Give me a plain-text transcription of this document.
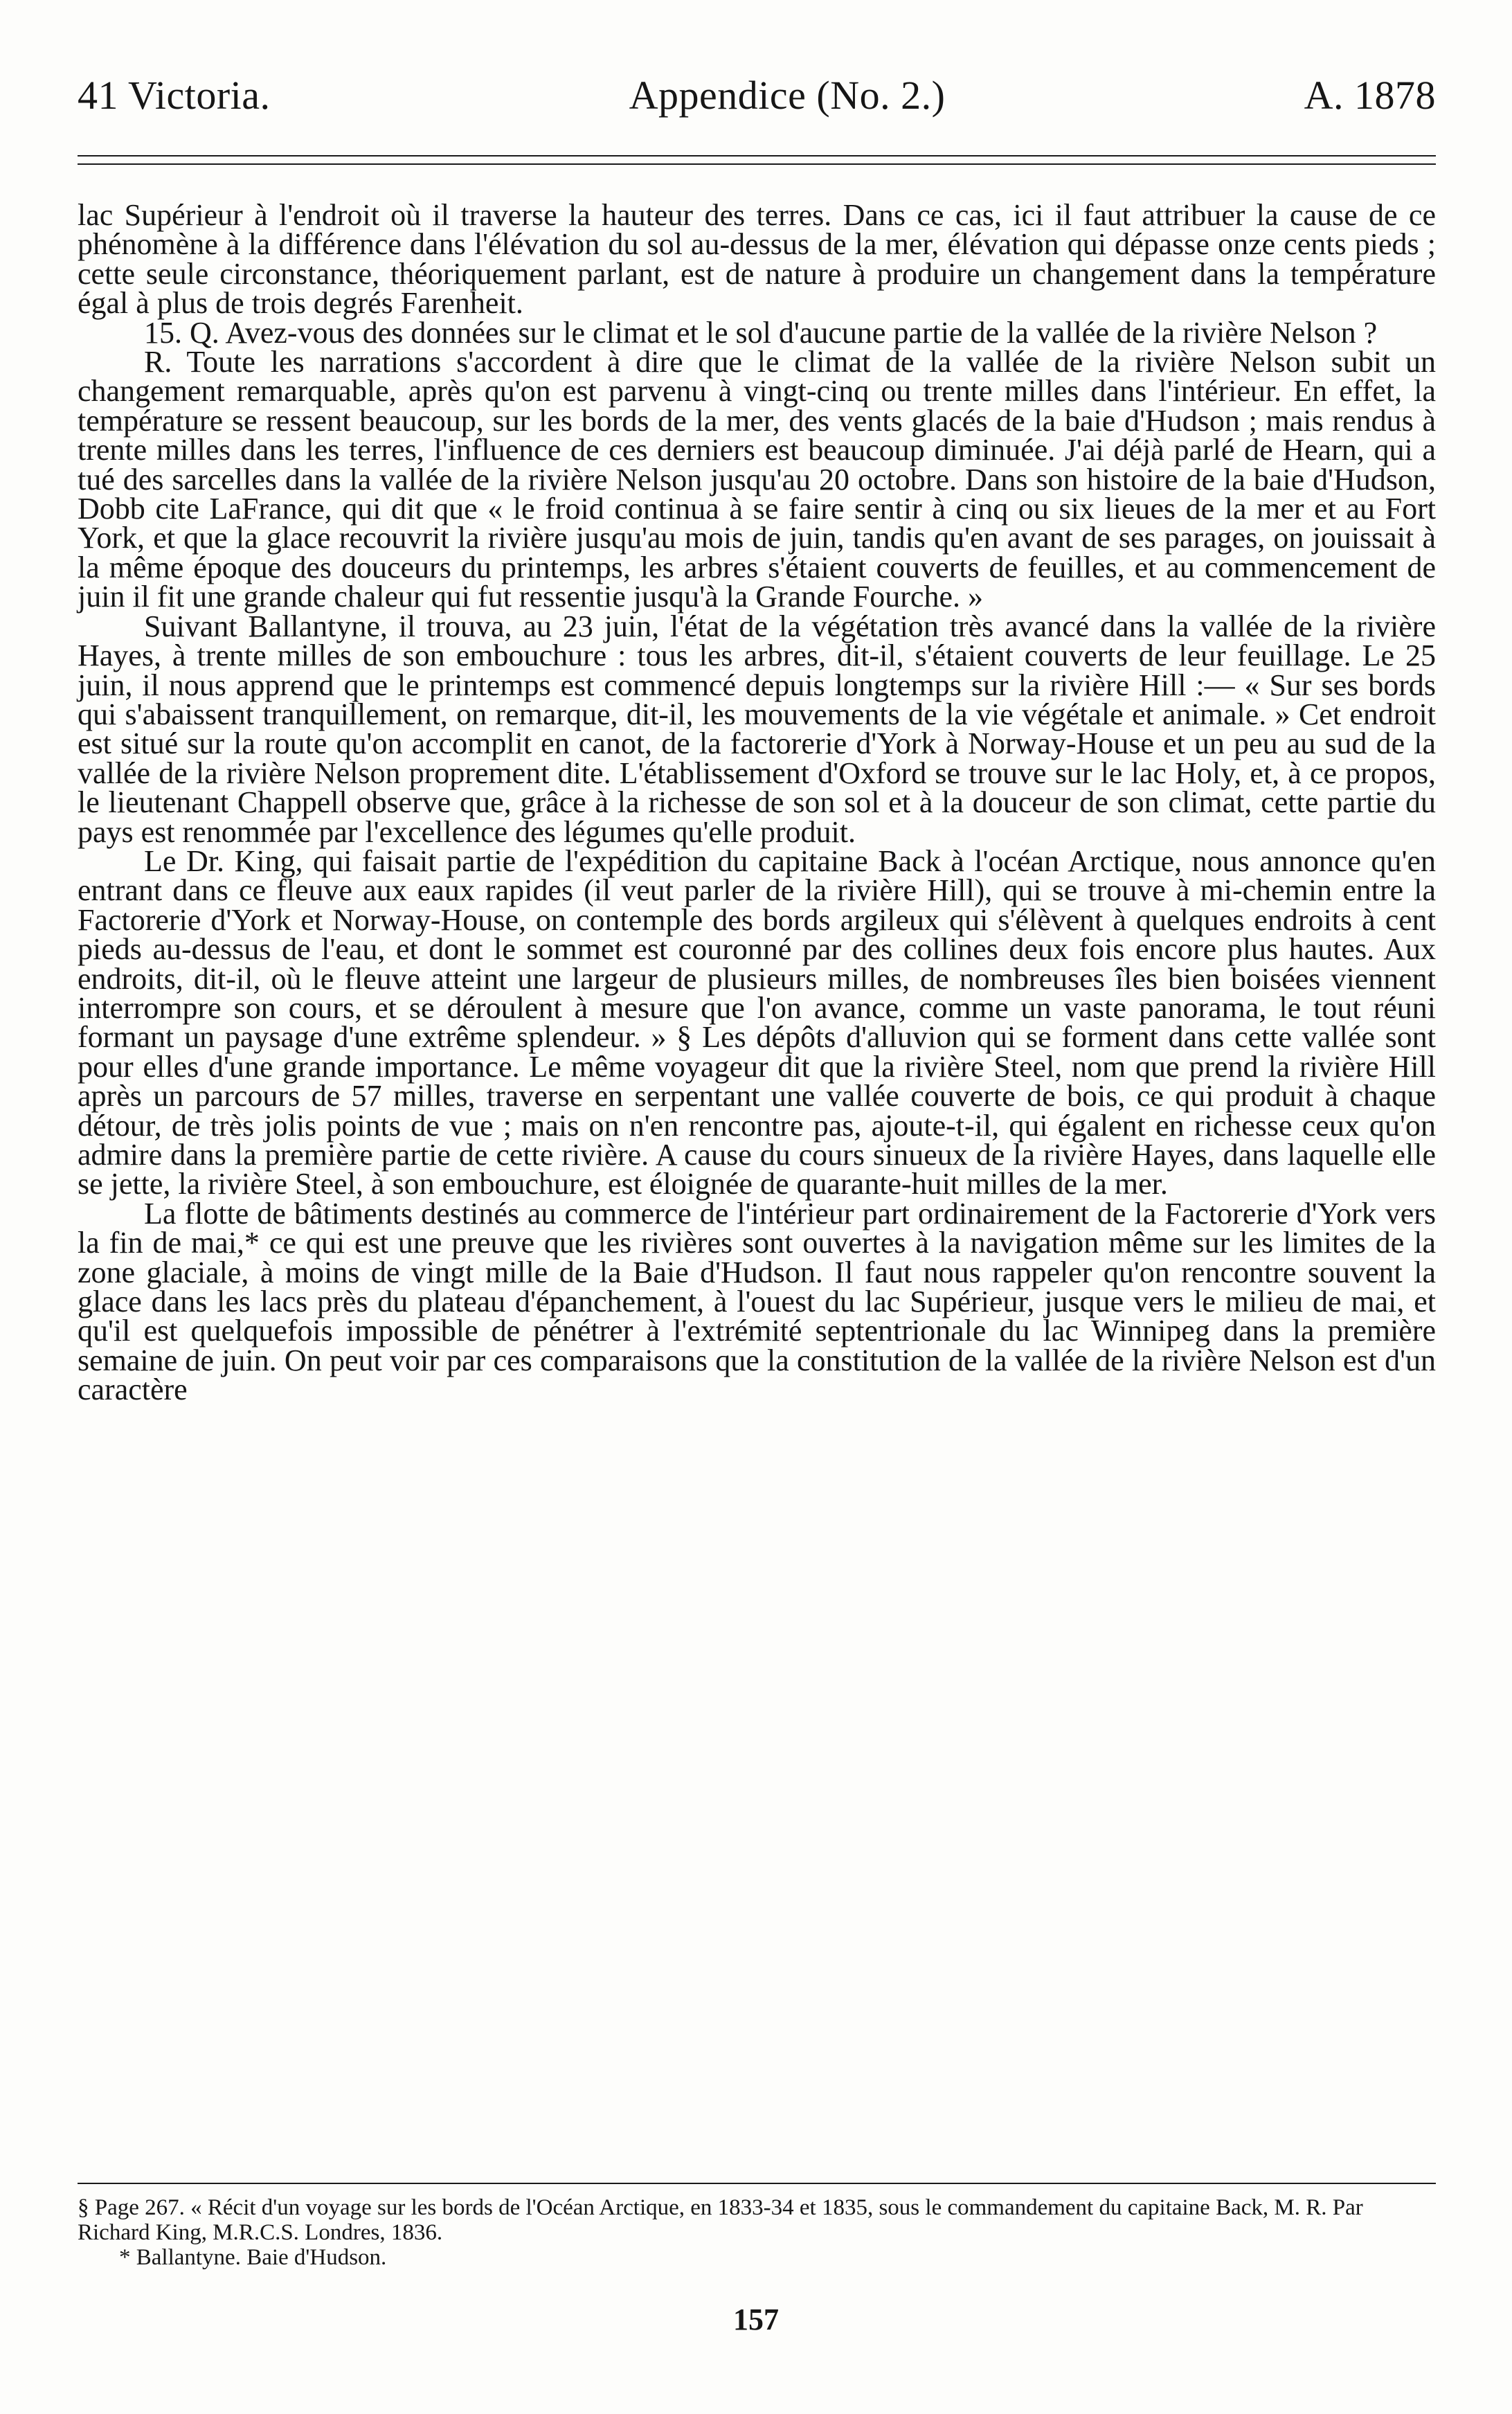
41 Victoria.	Appendice (No. 2.)	A. 1878

lac Supérieur à l'endroit où il traverse la hauteur des terres. Dans ce cas, ici il faut attribuer la cause de ce phénomène à la différence dans l'élévation du sol au-dessus de la mer, élévation qui dépasse onze cents pieds ; cette seule circonstance, théoriquement parlant, est de nature à produire un changement dans la température égal à plus de trois degrés Farenheit.

15. Q. Avez-vous des données sur le climat et le sol d'aucune partie de la vallée de la rivière Nelson ?

R. Toute les narrations s'accordent à dire que le climat de la vallée de la rivière Nelson subit un changement remarquable, après qu'on est parvenu à vingt-cinq ou trente milles dans l'intérieur. En effet, la température se ressent beaucoup, sur les bords de la mer, des vents glacés de la baie d'Hudson ; mais rendus à trente milles dans les terres, l'influence de ces derniers est beaucoup diminuée. J'ai déjà parlé de Hearn, qui a tué des sarcelles dans la vallée de la rivière Nelson jusqu'au 20 octobre. Dans son histoire de la baie d'Hudson, Dobb cite LaFrance, qui dit que « le froid continua à se faire sentir à cinq ou six lieues de la mer et au Fort York, et que la glace recouvrit la rivière jusqu'au mois de juin, tandis qu'en avant de ses parages, on jouissait à la même époque des douceurs du printemps, les arbres s'étaient couverts de feuilles, et au commencement de juin il fit une grande chaleur qui fut ressentie jusqu'à la Grande Fourche. »

Suivant Ballantyne, il trouva, au 23 juin, l'état de la végétation très avancé dans la vallée de la rivière Hayes, à trente milles de son embouchure : tous les arbres, dit-il, s'étaient couverts de leur feuillage. Le 25 juin, il nous apprend que le printemps est commencé depuis longtemps sur la rivière Hill :— « Sur ses bords qui s'abaissent tranquillement, on remarque, dit-il, les mouvements de la vie végétale et animale. » Cet endroit est situé sur la route qu'on accomplit en canot, de la factorerie d'York à Norway-House et un peu au sud de la vallée de la rivière Nelson proprement dite. L'établissement d'Oxford se trouve sur le lac Holy, et, à ce propos, le lieutenant Chappell observe que, grâce à la richesse de son sol et à la douceur de son climat, cette partie du pays est renommée par l'excellence des légumes qu'elle produit.

Le Dr. King, qui faisait partie de l'expédition du capitaine Back à l'océan Arctique, nous annonce qu'en entrant dans ce fleuve aux eaux rapides (il veut parler de la rivière Hill), qui se trouve à mi-chemin entre la Factorerie d'York et Norway-House, on contemple des bords argileux qui s'élèvent à quelques endroits à cent pieds au-dessus de l'eau, et dont le sommet est couronné par des collines deux fois encore plus hautes. Aux endroits, dit-il, où le fleuve atteint une largeur de plusieurs milles, de nombreuses îles bien boisées viennent interrompre son cours, et se déroulent à mesure que l'on avance, comme un vaste panorama, le tout réuni formant un paysage d'une extrême splendeur. » § Les dépôts d'alluvion qui se forment dans cette vallée sont pour elles d'une grande importance. Le même voyageur dit que la rivière Steel, nom que prend la rivière Hill après un parcours de 57 milles, traverse en serpentant une vallée couverte de bois, ce qui produit à chaque détour, de très jolis points de vue ; mais on n'en rencontre pas, ajoute-t-il, qui égalent en richesse ceux qu'on admire dans la première partie de cette rivière. A cause du cours sinueux de la rivière Hayes, dans laquelle elle se jette, la rivière Steel, à son embouchure, est éloignée de quarante-huit milles de la mer.

La flotte de bâtiments destinés au commerce de l'intérieur part ordinairement de la Factorerie d'York vers la fin de mai,* ce qui est une preuve que les rivières sont ouvertes à la navigation même sur les limites de la zone glaciale, à moins de vingt mille de la Baie d'Hudson. Il faut nous rappeler qu'on rencontre souvent la glace dans les lacs près du plateau d'épanchement, à l'ouest du lac Supérieur, jusque vers le milieu de mai, et qu'il est quelquefois impossible de pénétrer à l'extrémité septentrionale du lac Winnipeg dans la première semaine de juin. On peut voir par ces comparaisons que la constitution de la vallée de la rivière Nelson est d'un caractère

§ Page 267. « Récit d'un voyage sur les bords de l'Océan Arctique, en 1833-34 et 1835, sous le commandement du capitaine Back, M. R. Par Richard King, M.R.C.S. Londres, 1836.

* Ballantyne. Baie d'Hudson.

157
